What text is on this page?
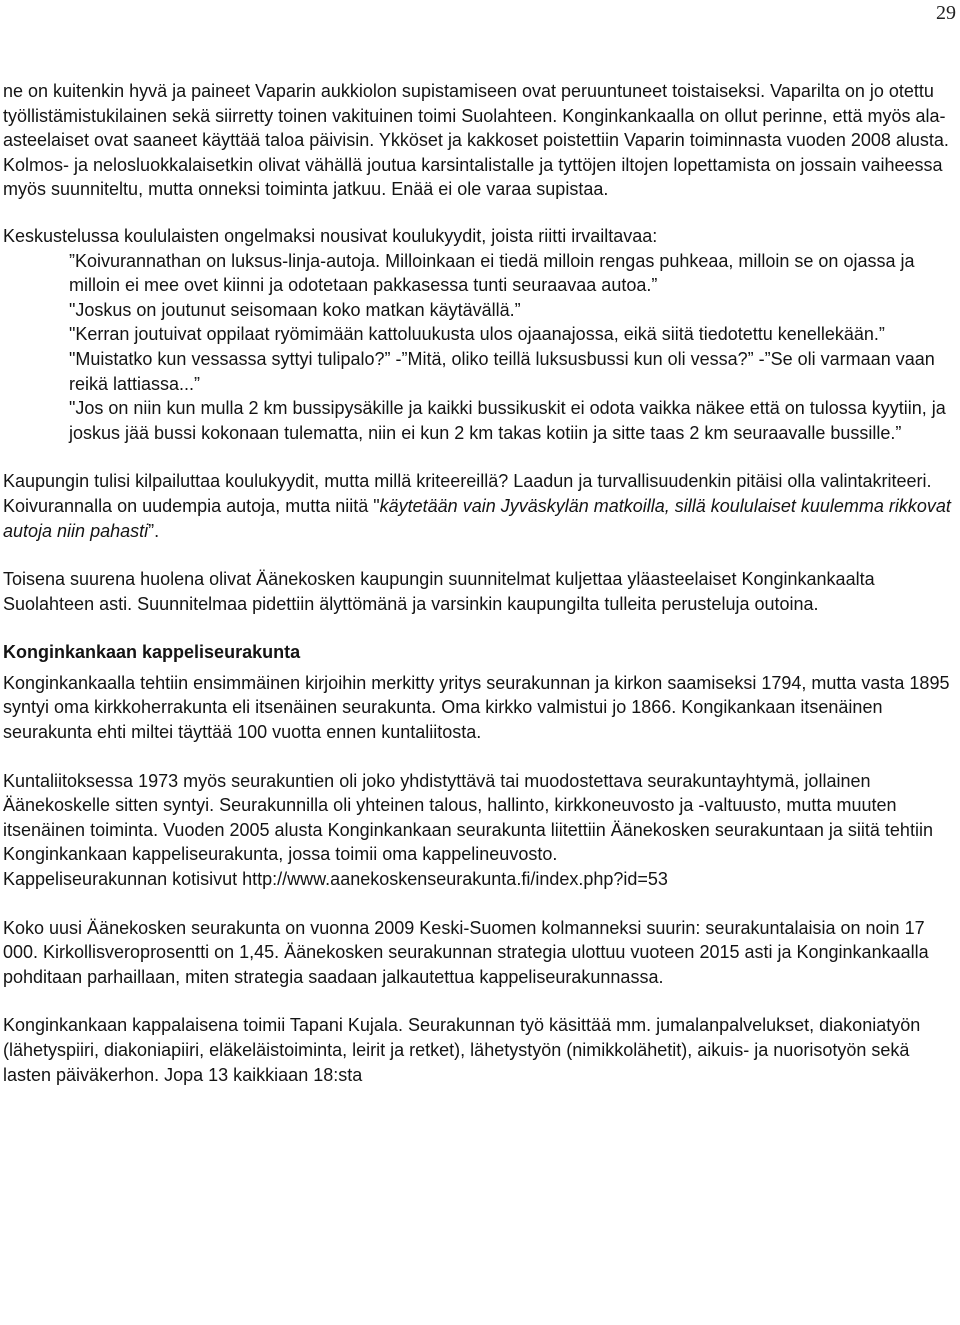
29

ne on kuitenkin hyvä ja paineet Vaparin aukkiolon supistamiseen ovat peruuntuneet toistaiseksi. Vaparilta on jo otettu työllistämistukilainen sekä siirretty toinen vakituinen toimi Suolahteen. Konginkankaalla on ollut perinne, että myös ala-asteelaiset ovat saaneet käyttää taloa päivisin. Ykköset ja kakkoset poistettiin Vaparin toiminnasta vuoden 2008 alusta. Kolmos- ja nelosluokkalaisetkin olivat vähällä joutua karsintalistalle ja tyttöjen iltojen lopettamista on jossain vaiheessa myös suunniteltu, mutta onneksi toiminta jatkuu. Enää ei ole varaa supistaa.

Keskustelussa koululaisten ongelmaksi nousivat koulukyydit, joista riitti irvailtavaa:

”Koivurannathan on luksus-linja-autoja. Milloinkaan ei tiedä milloin rengas puhkeaa, milloin se on ojassa ja milloin ei mee ovet kiinni ja odotetaan pakkasessa tunti seuraavaa autoa.”
"Joskus on joutunut seisomaan koko matkan käytävällä.”
"Kerran joutuivat oppilaat ryömimään kattoluukusta ulos ojaanajossa, eikä siitä tiedotettu kenellekään.”
"Muistatko kun vessassa syttyi tulipalo?” -”Mitä, oliko teillä luksusbussi kun oli vessa?” -”Se oli varmaan vaan reikä lattiassa...”
"Jos on niin kun mulla 2 km bussipysäkille ja kaikki bussikuskit ei odota vaikka näkee että on tulossa kyytiin, ja joskus jää bussi kokonaan tulematta, niin ei kun 2 km takas kotiin ja sitte taas 2 km seuraavalle bussille.”

Kaupungin tulisi kilpailuttaa koulukyydit, mutta millä kriteereillä? Laadun ja turvallisuudenkin pitäisi olla valintakriteeri. Koivurannalla on uudempia autoja, mutta niitä "käytetään vain Jyväskylän matkoilla, sillä koululaiset kuulemma rikkovat autoja niin pahasti”.

Toisena suurena huolena olivat Äänekosken kaupungin suunnitelmat kuljettaa yläasteelaiset Konginkankaalta Suolahteen asti. Suunnitelmaa pidettiin älyttömänä ja varsinkin kaupungilta tulleita perusteluja outoina.

Konginkankaan kappeliseurakunta

Konginkankaalla tehtiin ensimmäinen kirjoihin merkitty yritys seurakunnan ja kirkon saamiseksi 1794, mutta vasta 1895 syntyi oma kirkkoherrakunta eli itsenäinen seurakunta. Oma kirkko valmistui jo 1866. Kongikankaan itsenäinen seurakunta ehti miltei täyttää 100 vuotta ennen kuntaliitosta.

Kuntaliitoksessa 1973 myös seurakuntien oli joko yhdistyttävä tai muodostettava seurakuntayhtymä, jollainen Äänekoskelle sitten syntyi. Seurakunnilla oli yhteinen talous, hallinto, kirkkoneuvosto ja -valtuusto, mutta muuten itsenäinen toiminta. Vuoden 2005 alusta Konginkankaan seurakunta liitettiin Äänekosken seurakuntaan ja siitä tehtiin Konginkankaan kappeliseurakunta, jossa toimii oma kappelineuvosto.

Kappeliseurakunnan kotisivut http://www.aanekoskenseurakunta.fi/index.php?id=53

Koko uusi Äänekosken seurakunta on vuonna 2009 Keski-Suomen kolmanneksi suurin: seurakuntalaisia on noin 17 000. Kirkollisveroprosentti on 1,45. Äänekosken seurakunnan strategia ulottuu vuoteen 2015 asti ja Konginkankaalla pohditaan parhaillaan, miten strategia saadaan jalkautettua kappeliseurakunnassa.

Konginkankaan kappalaisena toimii Tapani Kujala. Seurakunnan työ käsittää mm. jumalanpalvelukset, diakoniatyön (lähetyspiiri, diakoniapiiri, eläkeläistoiminta, leirit ja retket), lähetystyön (nimikkolähetit), aikuis- ja nuorisotyön sekä lasten päiväkerhon. Jopa 13 kaikkiaan 18:sta
